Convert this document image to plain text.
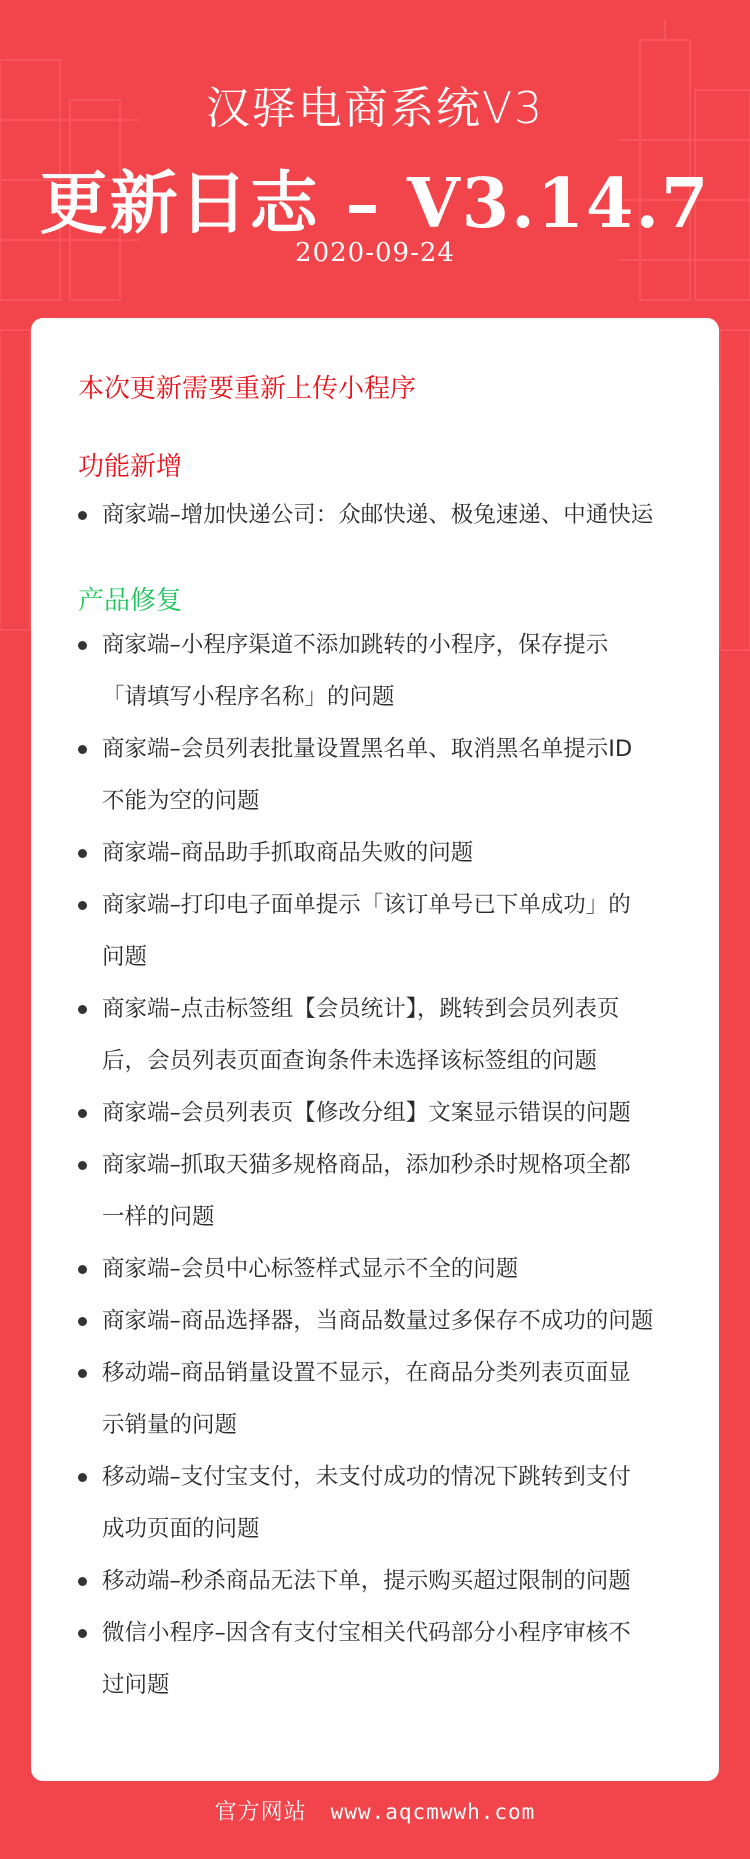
汉驿电商系统V3
更新日志 – V3.14.7
2020-09-24
本次更新需要重新上传小程序
功能新增
商家端–增加快递公司：众邮快递、极兔速递、中通快运
产品修复
商家端–小程序渠道不添加跳转的小程序，保存提示
「请填写小程序名称」的问题
商家端–会员列表批量设置黑名单、取消黑名单提示ID
不能为空的问题
商家端–商品助手抓取商品失败的问题
商家端–打印电子面单提示「该订单号已下单成功」的
问题
商家端–点击标签组【会员统计】，跳转到会员列表页
后，会员列表页面查询条件未选择该标签组的问题
商家端–会员列表页【修改分组】文案显示错误的问题
商家端–抓取天猫多规格商品，添加秒杀时规格项全都
一样的问题
商家端–会员中心标签样式显示不全的问题
商家端–商品选择器，当商品数量过多保存不成功的问题
移动端–商品销量设置不显示，在商品分类列表页面显
示销量的问题
移动端–支付宝支付，未支付成功的情况下跳转到支付
成功页面的问题
移动端–秒杀商品无法下单，提示购买超过限制的问题
微信小程序–因含有支付宝相关代码部分小程序审核不
过问题
官方网站 www.aqcmwwh.com
